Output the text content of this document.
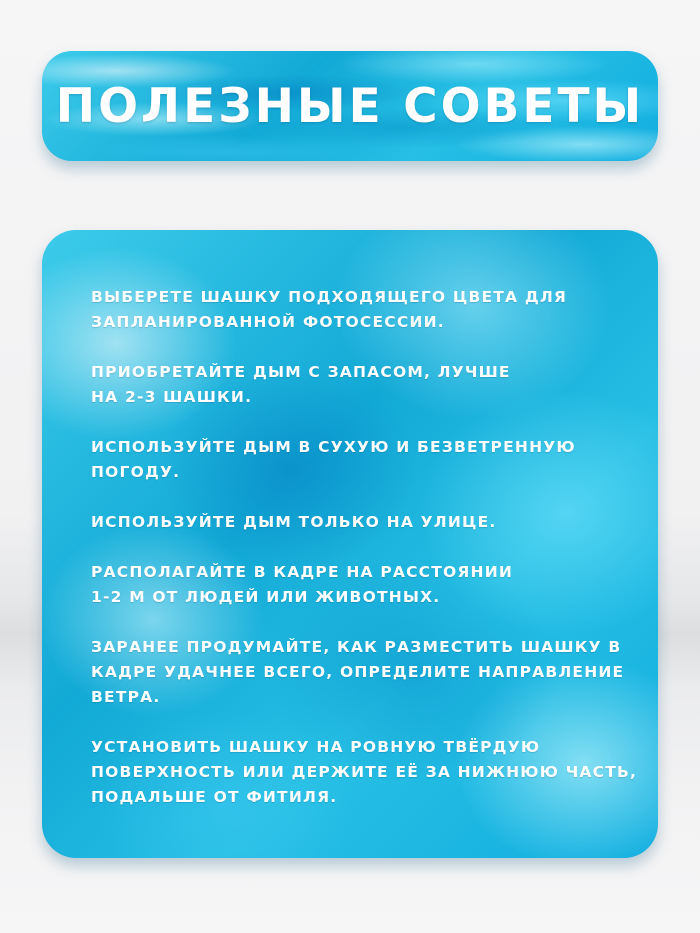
ПОЛЕЗНЫЕ СОВЕТЫ
ВЫБЕРЕТЕ ШАШКУ ПОДХОДЯЩЕГО ЦВЕТА ДЛЯ
ЗАПЛАНИРОВАННОЙ ФОТОСЕССИИ.
ПРИОБРЕТАЙТЕ ДЫМ С ЗАПАСОМ, ЛУЧШЕ
НА 2-3 ШАШКИ.
ИСПОЛЬЗУЙТЕ ДЫМ В СУХУЮ И БЕЗВЕТРЕННУЮ
ПОГОДУ.
ИСПОЛЬЗУЙТЕ ДЫМ ТОЛЬКО НА УЛИЦЕ.
РАСПОЛАГАЙТЕ В КАДРЕ НА РАССТОЯНИИ
1-2 М ОТ ЛЮДЕЙ ИЛИ ЖИВОТНЫХ.
ЗАРАНЕЕ ПРОДУМАЙТЕ, КАК РАЗМЕСТИТЬ ШАШКУ В
КАДРЕ УДАЧНЕЕ ВСЕГО, ОПРЕДЕЛИТЕ НАПРАВЛЕНИЕ
ВЕТРА.
УСТАНОВИТЬ ШАШКУ НА РОВНУЮ ТВЁРДУЮ
ПОВЕРХНОСТЬ ИЛИ ДЕРЖИТЕ ЕЁ ЗА НИЖНЮЮ ЧАСТЬ,
ПОДАЛЬШЕ ОТ ФИТИЛЯ.
